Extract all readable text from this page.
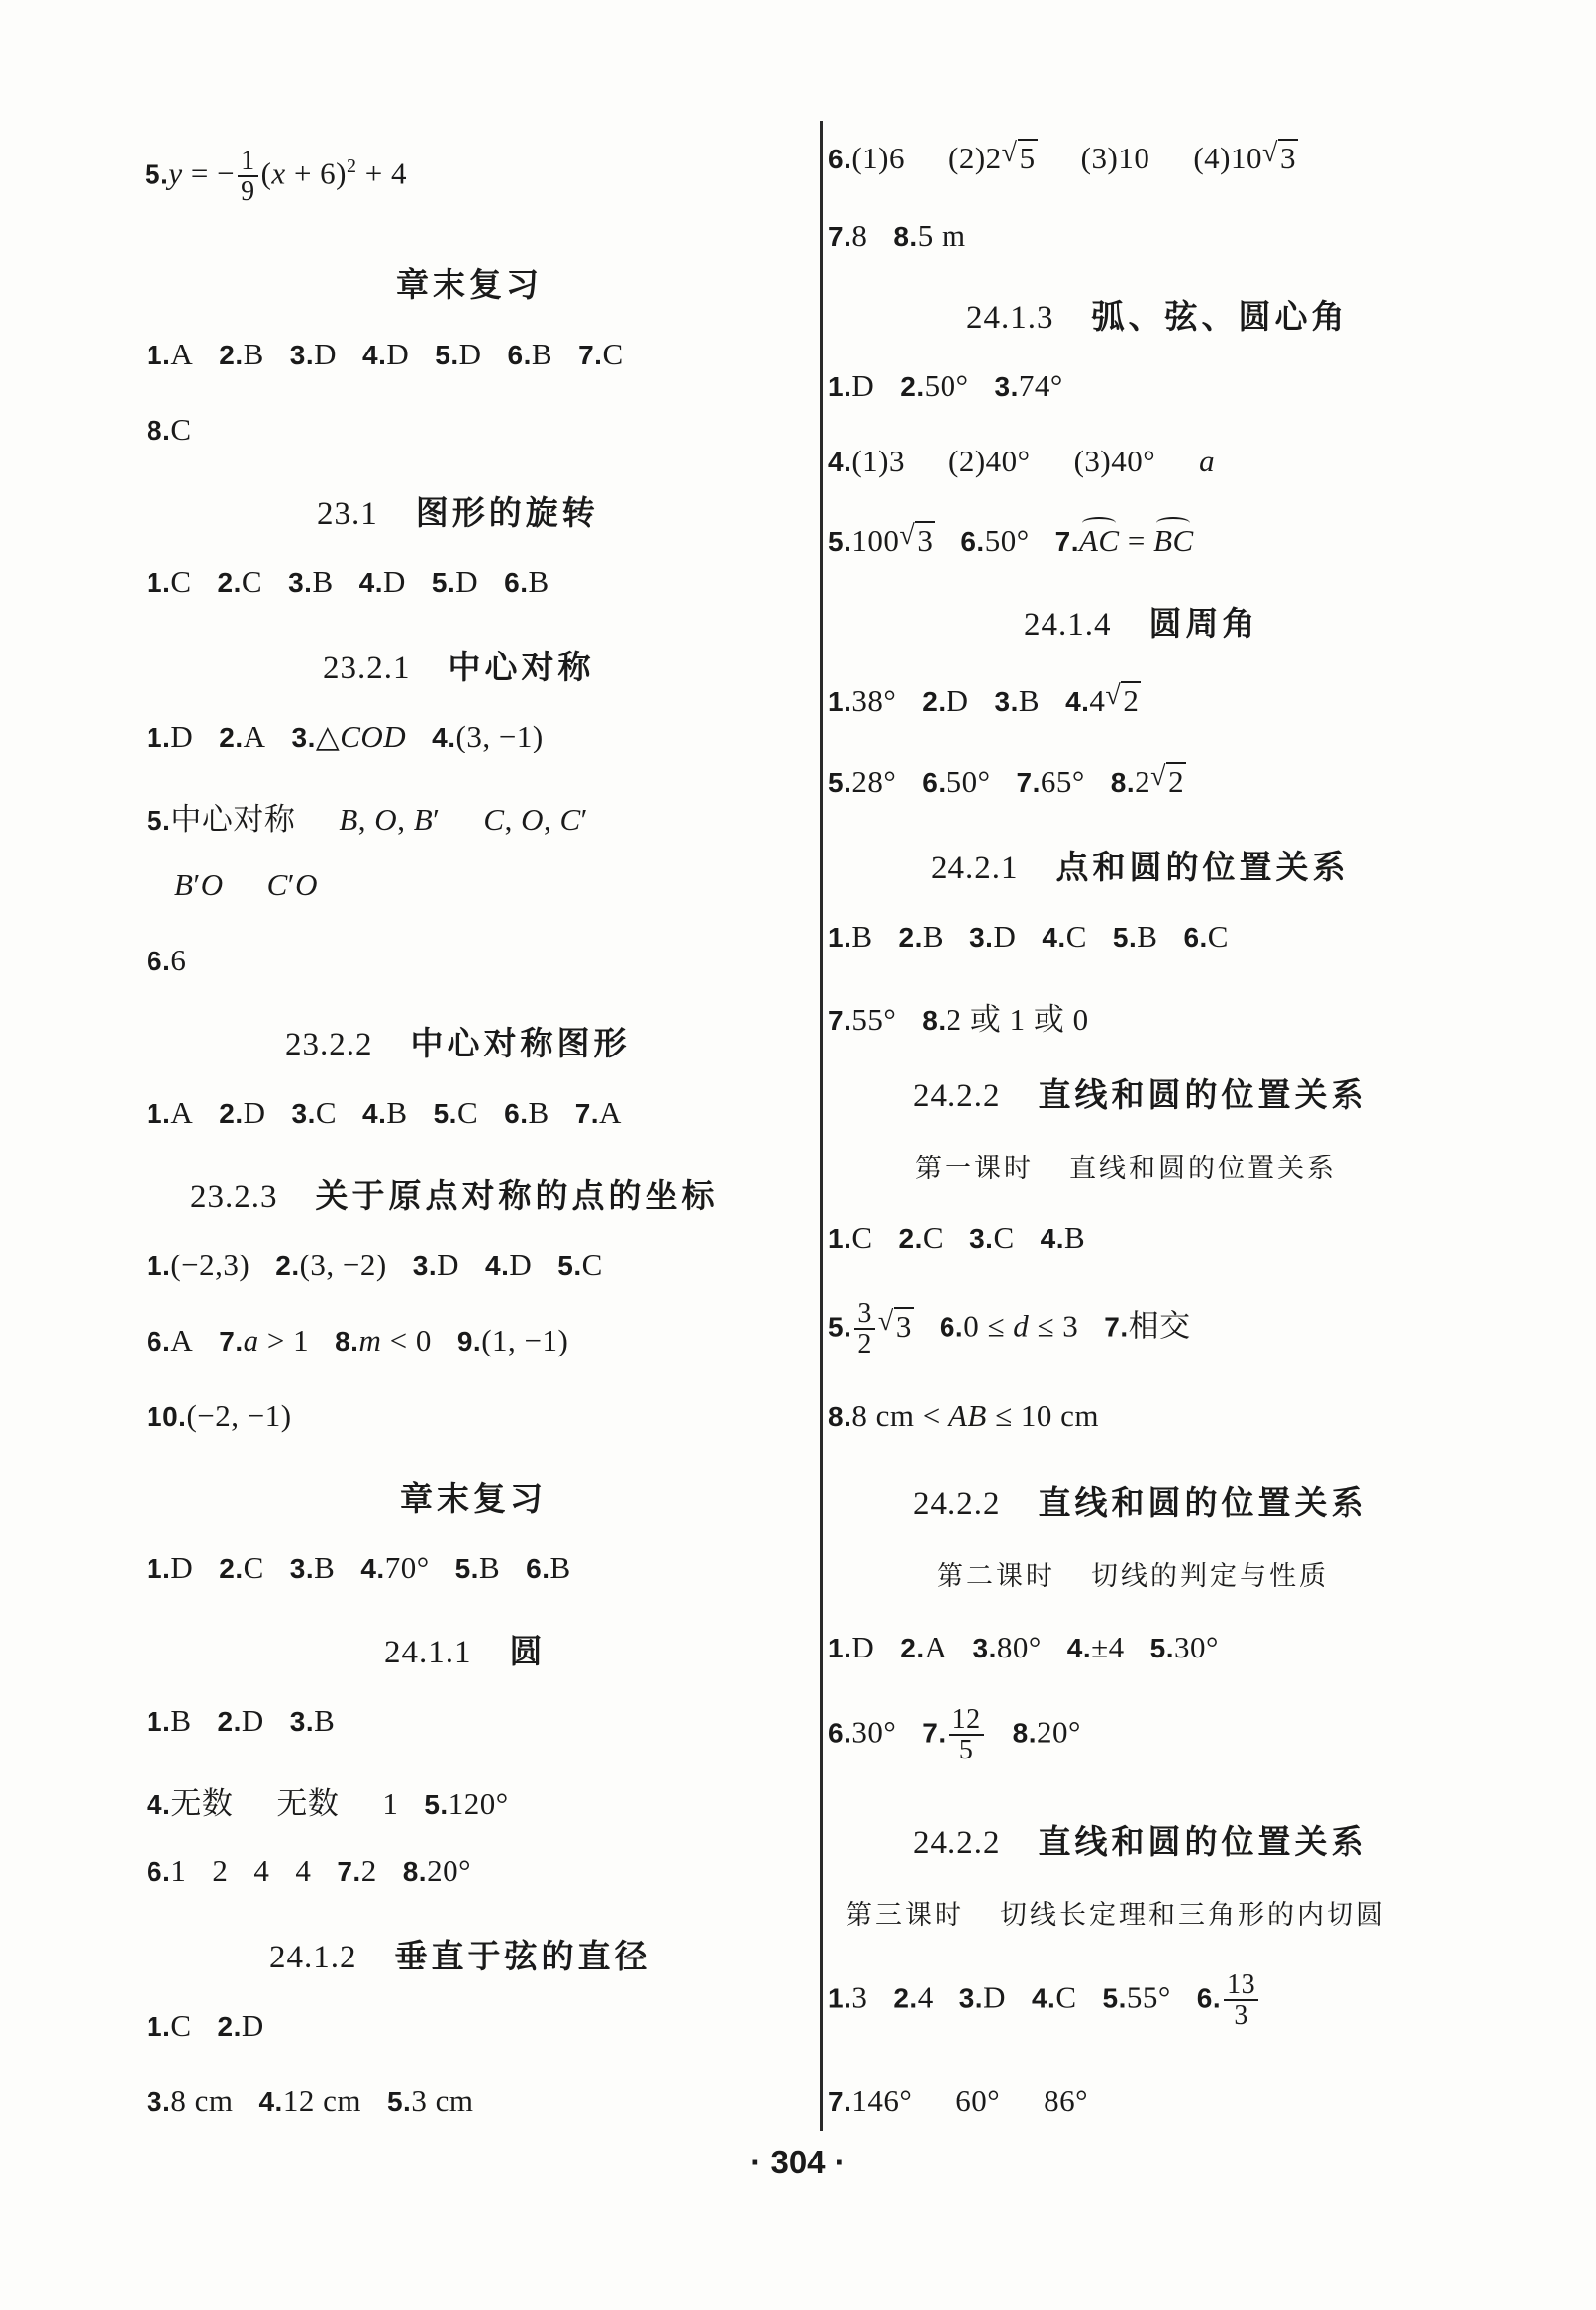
5.y = − $\frac{1}{9} (x + 6)^2 + 4$
章末复习
1.A 2.B 3.D 4.D 5.D 6.B 7.C
8.C
23.1 图形的旋转
1.C 2.C 3.B 4.D 5.D 6.B
23.2.1 中心对称
1.D 2.A 3.△COD 4.(3, −1)
5.中心对称 B, O, B′ C, O, C′
B′O C′O
6.6
23.2.2 中心对称图形
1.A 2.D 3.C 4.B 5.C 6.B 7.A
23.2.3 关于原点对称的点的坐标
1.(−2,3) 2.(3, −2) 3.D 4.D 5.C
6.A 7.a > 1 8.m < 0 9.(1, −1)
10.(−2, −1)
章末复习
1.D 2.C 3.B 4.70° 5.B 6.B
24.1.1 圆
1.B 2.D 3.B
4.无数 无数 1 5.120°
6.1 2 4 4 7.2 8.20°
24.1.2 垂直于弦的直径
1.C 2.D
3.8 cm 4.12 cm 5.3 cm
6.(1)6 (2)2 √ 5 (3)10 (4)10 √ 3
7.8 8.5 m
24.1.3 弧、弦、圆心角
1.D 2.50° 3.74°
4.(1)3 (2)40° (3)40° a
5.100 √ 3 6.50° 7.AC = BC
24.1.4 圆周角
1.38° 2.D 3.B 4.4 √ 2
5.28° 6.50° 7.65° 8.2 √ 2
24.2.1 点和圆的位置关系
1.B 2.B 3.D 4.C 5.B 6.C
7.55° 8.2 或 1 或 0
24.2.2 直线和圆的位置关系
第一课时 直线和圆的位置关系
1.C 2.C 3.C 4.B
5. $\frac{3}{2}$ √ 3 6.0 ≤ d ≤ 3 7.相交
8.8 cm < AB ≤ 10 cm
24.2.2 直线和圆的位置关系
第二课时 切线的判定与性质
1.D 2.A 3.80° 4.±4 5.30°
6.30° 7. $\frac{12}{5} 8.20^\circ$
24.2.2 直线和圆的位置关系
第三课时 切线长定理和三角形的内切圆
1.3 2.4 3.D 4.C 5.55° 6. $\frac{13}{3}$
7.146° 60° 86°
· 304 ·
